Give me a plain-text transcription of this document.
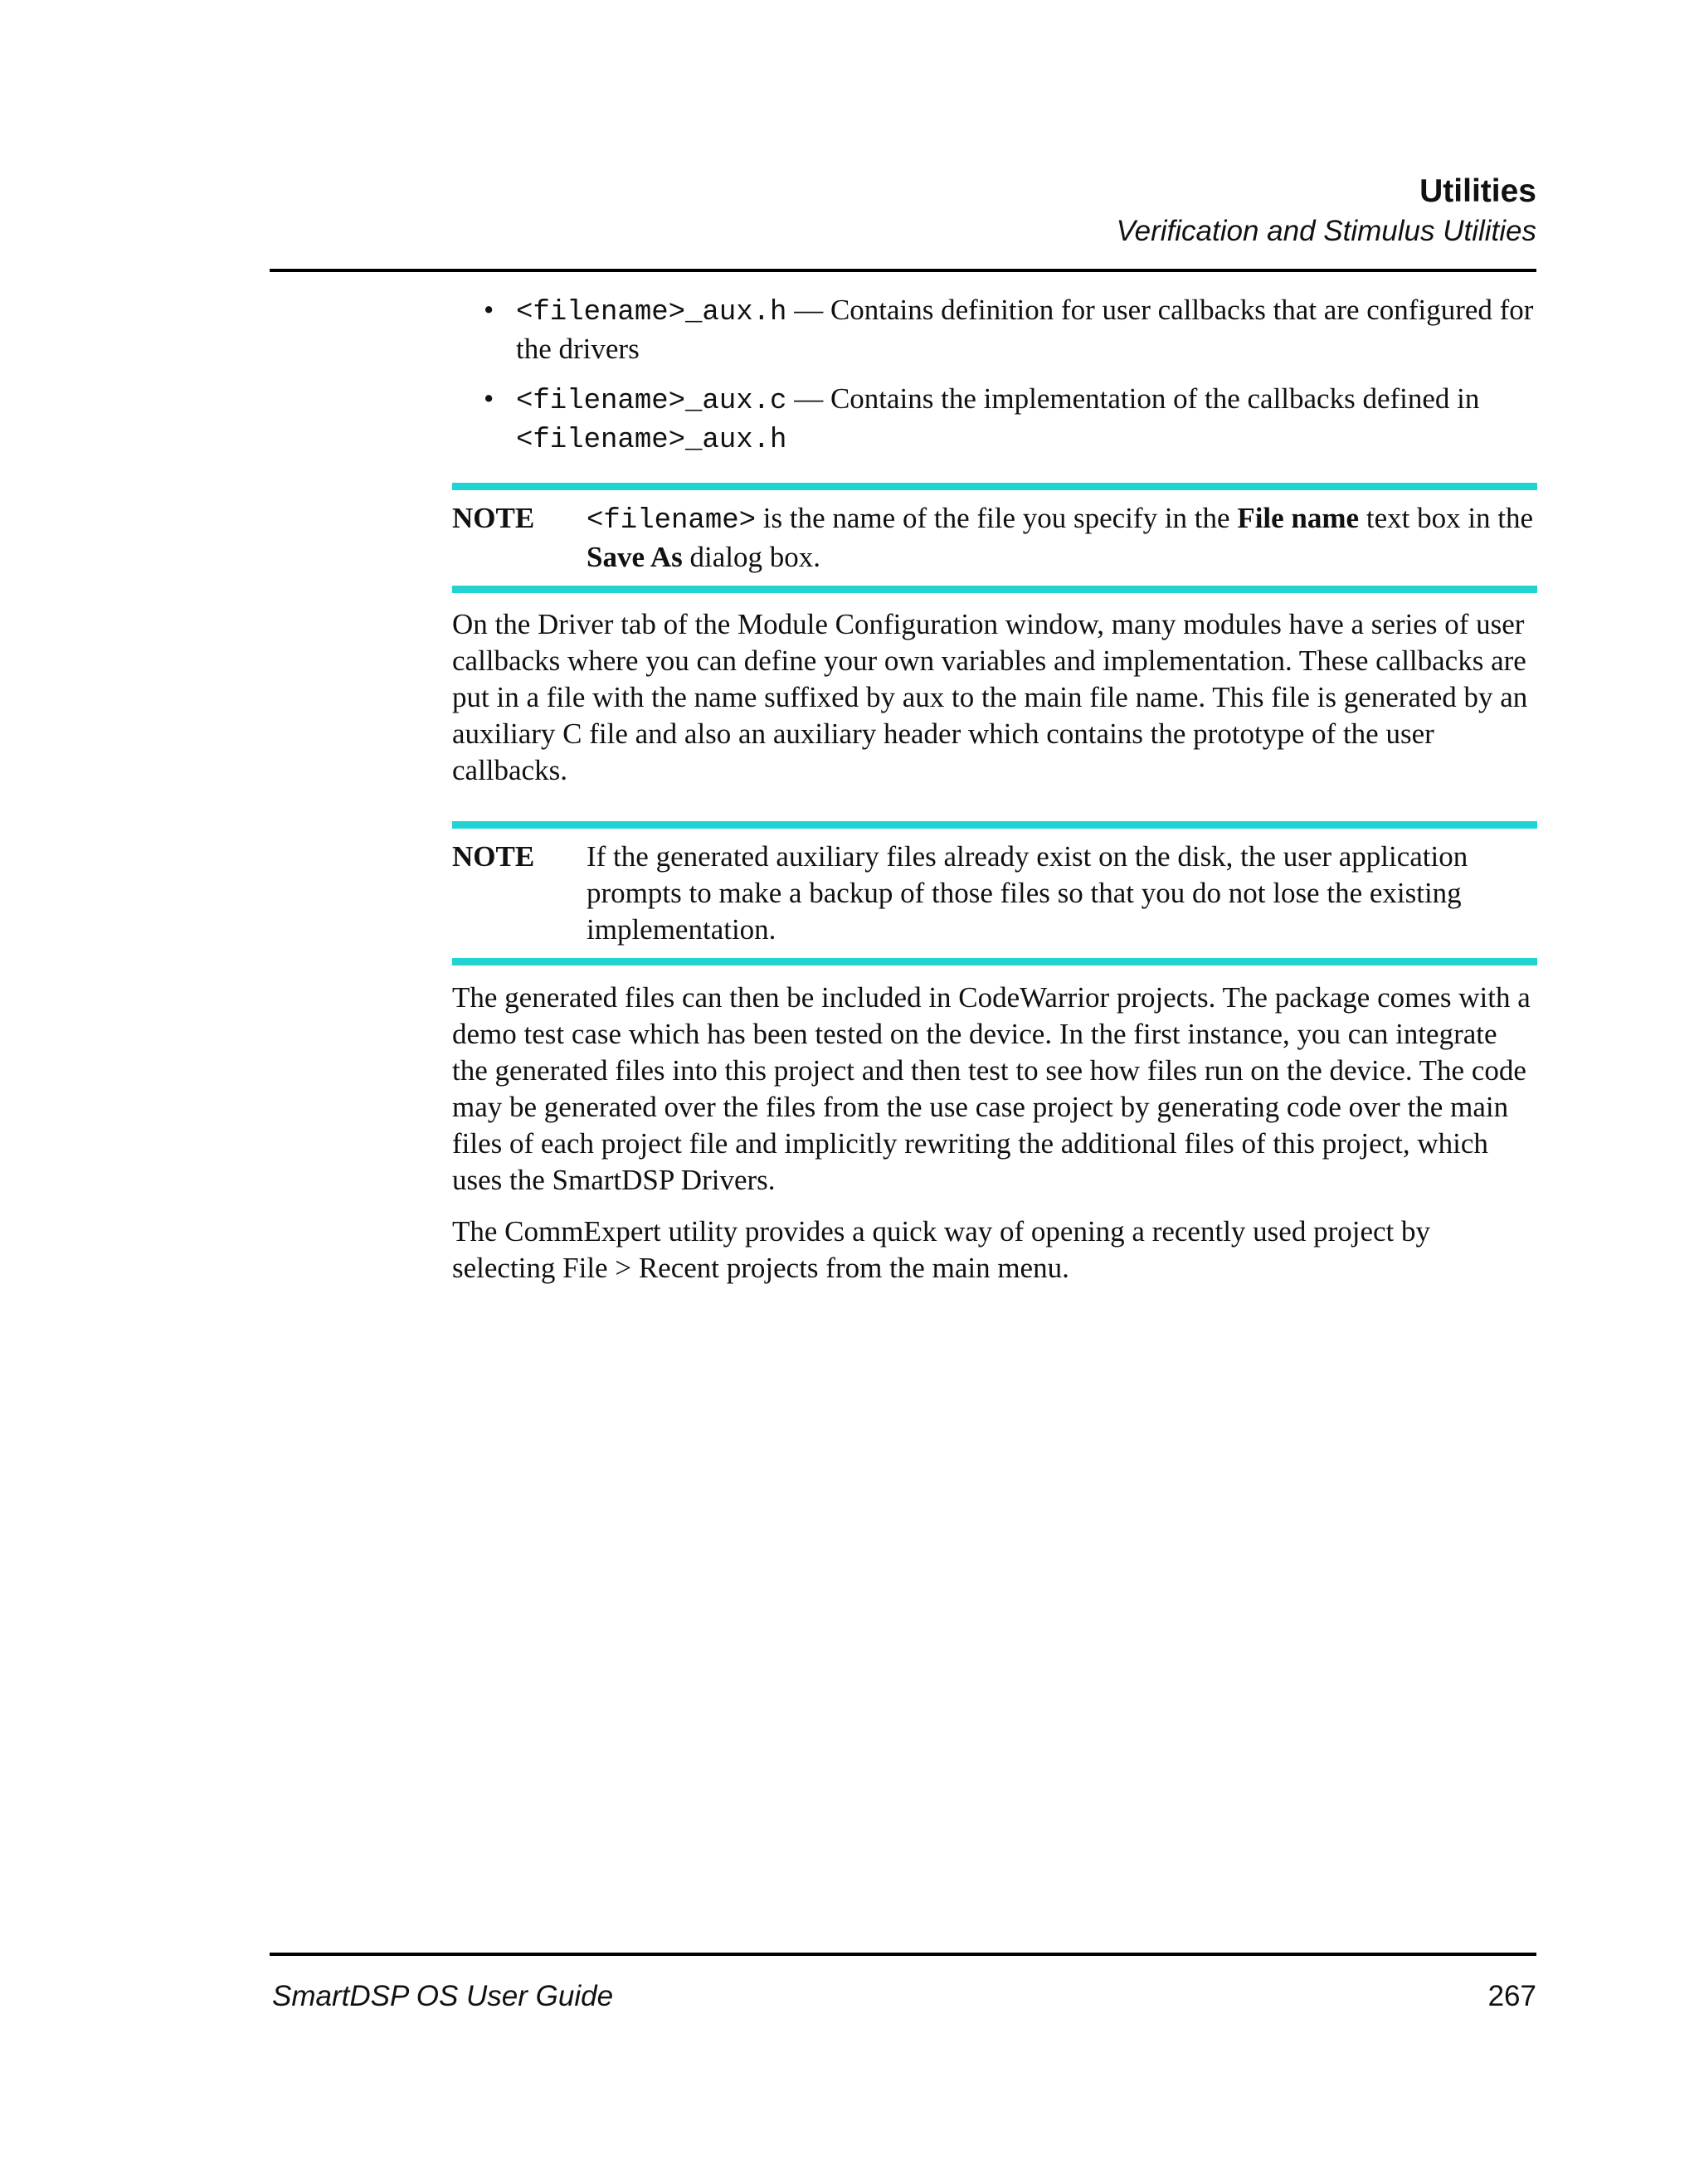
Utilities
Verification and Stimulus Utilities
• <filename>_aux.h — Contains definition for user callbacks that are configured for the drivers
• <filename>_aux.c — Contains the implementation of the callbacks defined in <filename>_aux.h
NOTE <filename> is the name of the file you specify in the File name text box in the Save As dialog box.

On the Driver tab of the Module Configuration window, many modules have a series of user callbacks where you can define your own variables and implementation. These callbacks are put in a file with the name suffixed by aux to the main file name. This file is generated by an auxiliary C file and also an auxiliary header which contains the prototype of the user callbacks.

NOTE If the generated auxiliary files already exist on the disk, the user application prompts to make a backup of those files so that you do not lose the existing implementation.

The generated files can then be included in CodeWarrior projects. The package comes with a demo test case which has been tested on the device. In the first instance, you can integrate the generated files into this project and then test to see how files run on the device. The code may be generated over the files from the use case project by generating code over the main files of each project file and implicitly rewriting the additional files of this project, which uses the SmartDSP Drivers.

The CommExpert utility provides a quick way of opening a recently used project by selecting File > Recent projects from the main menu.

SmartDSP OS User Guide	267
